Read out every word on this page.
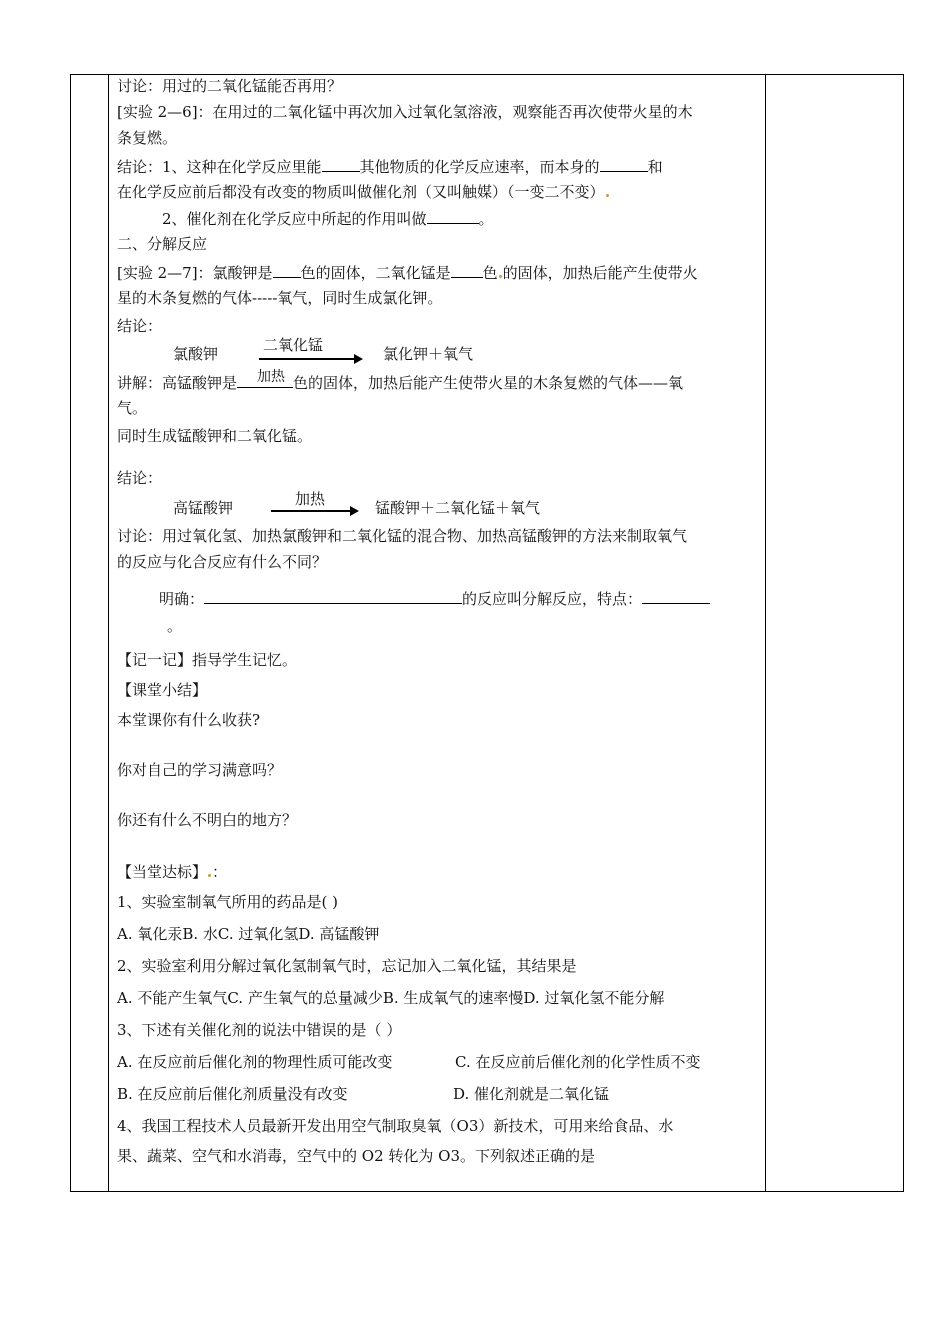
讨论：用过的二氧化锰能否再用？
[实验 2—6]：在用过的二氧化锰中再次加入过氧化氢溶液，观察能否再次使带火星的木
条复燃。
结论：1、这种在化学反应里能	其他物质的化学反应速率，而本身的	和
在化学反应前后都没有改变的物质叫做催化剂（又叫触媒）（一变二不变）
2、催化剂在化学反应中所起的作用叫做	。
二、分解反应
[实验 2—7]：氯酸钾是 色的固体，二氧化锰是 色 的固体，加热后能产生使带火
星的木条复燃的气体-----氧气，同时生成氯化钾。
结论：
氯酸钾	二氧化锰	氯化钾＋氧气
讲解：高锰酸钾是 加热 色的固体，加热后能产生使带火星的木条复燃的气体——氧
气。
同时生成锰酸钾和二氧化锰。
结论：
高锰酸钾	加热	锰酸钾＋二氧化锰＋氧气
讨论：用过氧化氢、加热氯酸钾和二氧化锰的混合物、加热高锰酸钾的方法来制取氧气
的反应与化合反应有什么不同？
明确：	的反应叫分解反应，特点：
。
【记一记】指导学生记忆。
【课堂小结】
本堂课你有什么收获?
你对自己的学习满意吗？
你还有什么不明白的地方？
【当堂达标】 ：
1、实验室制氧气所用的药品是( )
A. 氧化汞B. 水C. 过氧化氢D. 高锰酸钾
2、实验室利用分解过氧化氢制氧气时，忘记加入二氧化锰，其结果是
A. 不能产生氧气C. 产生氧气的总量减少B. 生成氧气的速率慢D. 过氧化氢不能分解
3、下述有关催化剂的说法中错误的是（ ）
A. 在反应前后催化剂的物理性质可能改变	C. 在反应前后催化剂的化学性质不变
B. 在反应前后催化剂质量没有改变	D. 催化剂就是二氧化锰
4、我国工程技术人员最新开发出用空气制取臭氧（O3）新技术，可用来给食品、水
果、蔬菜、空气和水消毒，空气中的 O2 转化为 O3。下列叙述正确的是
